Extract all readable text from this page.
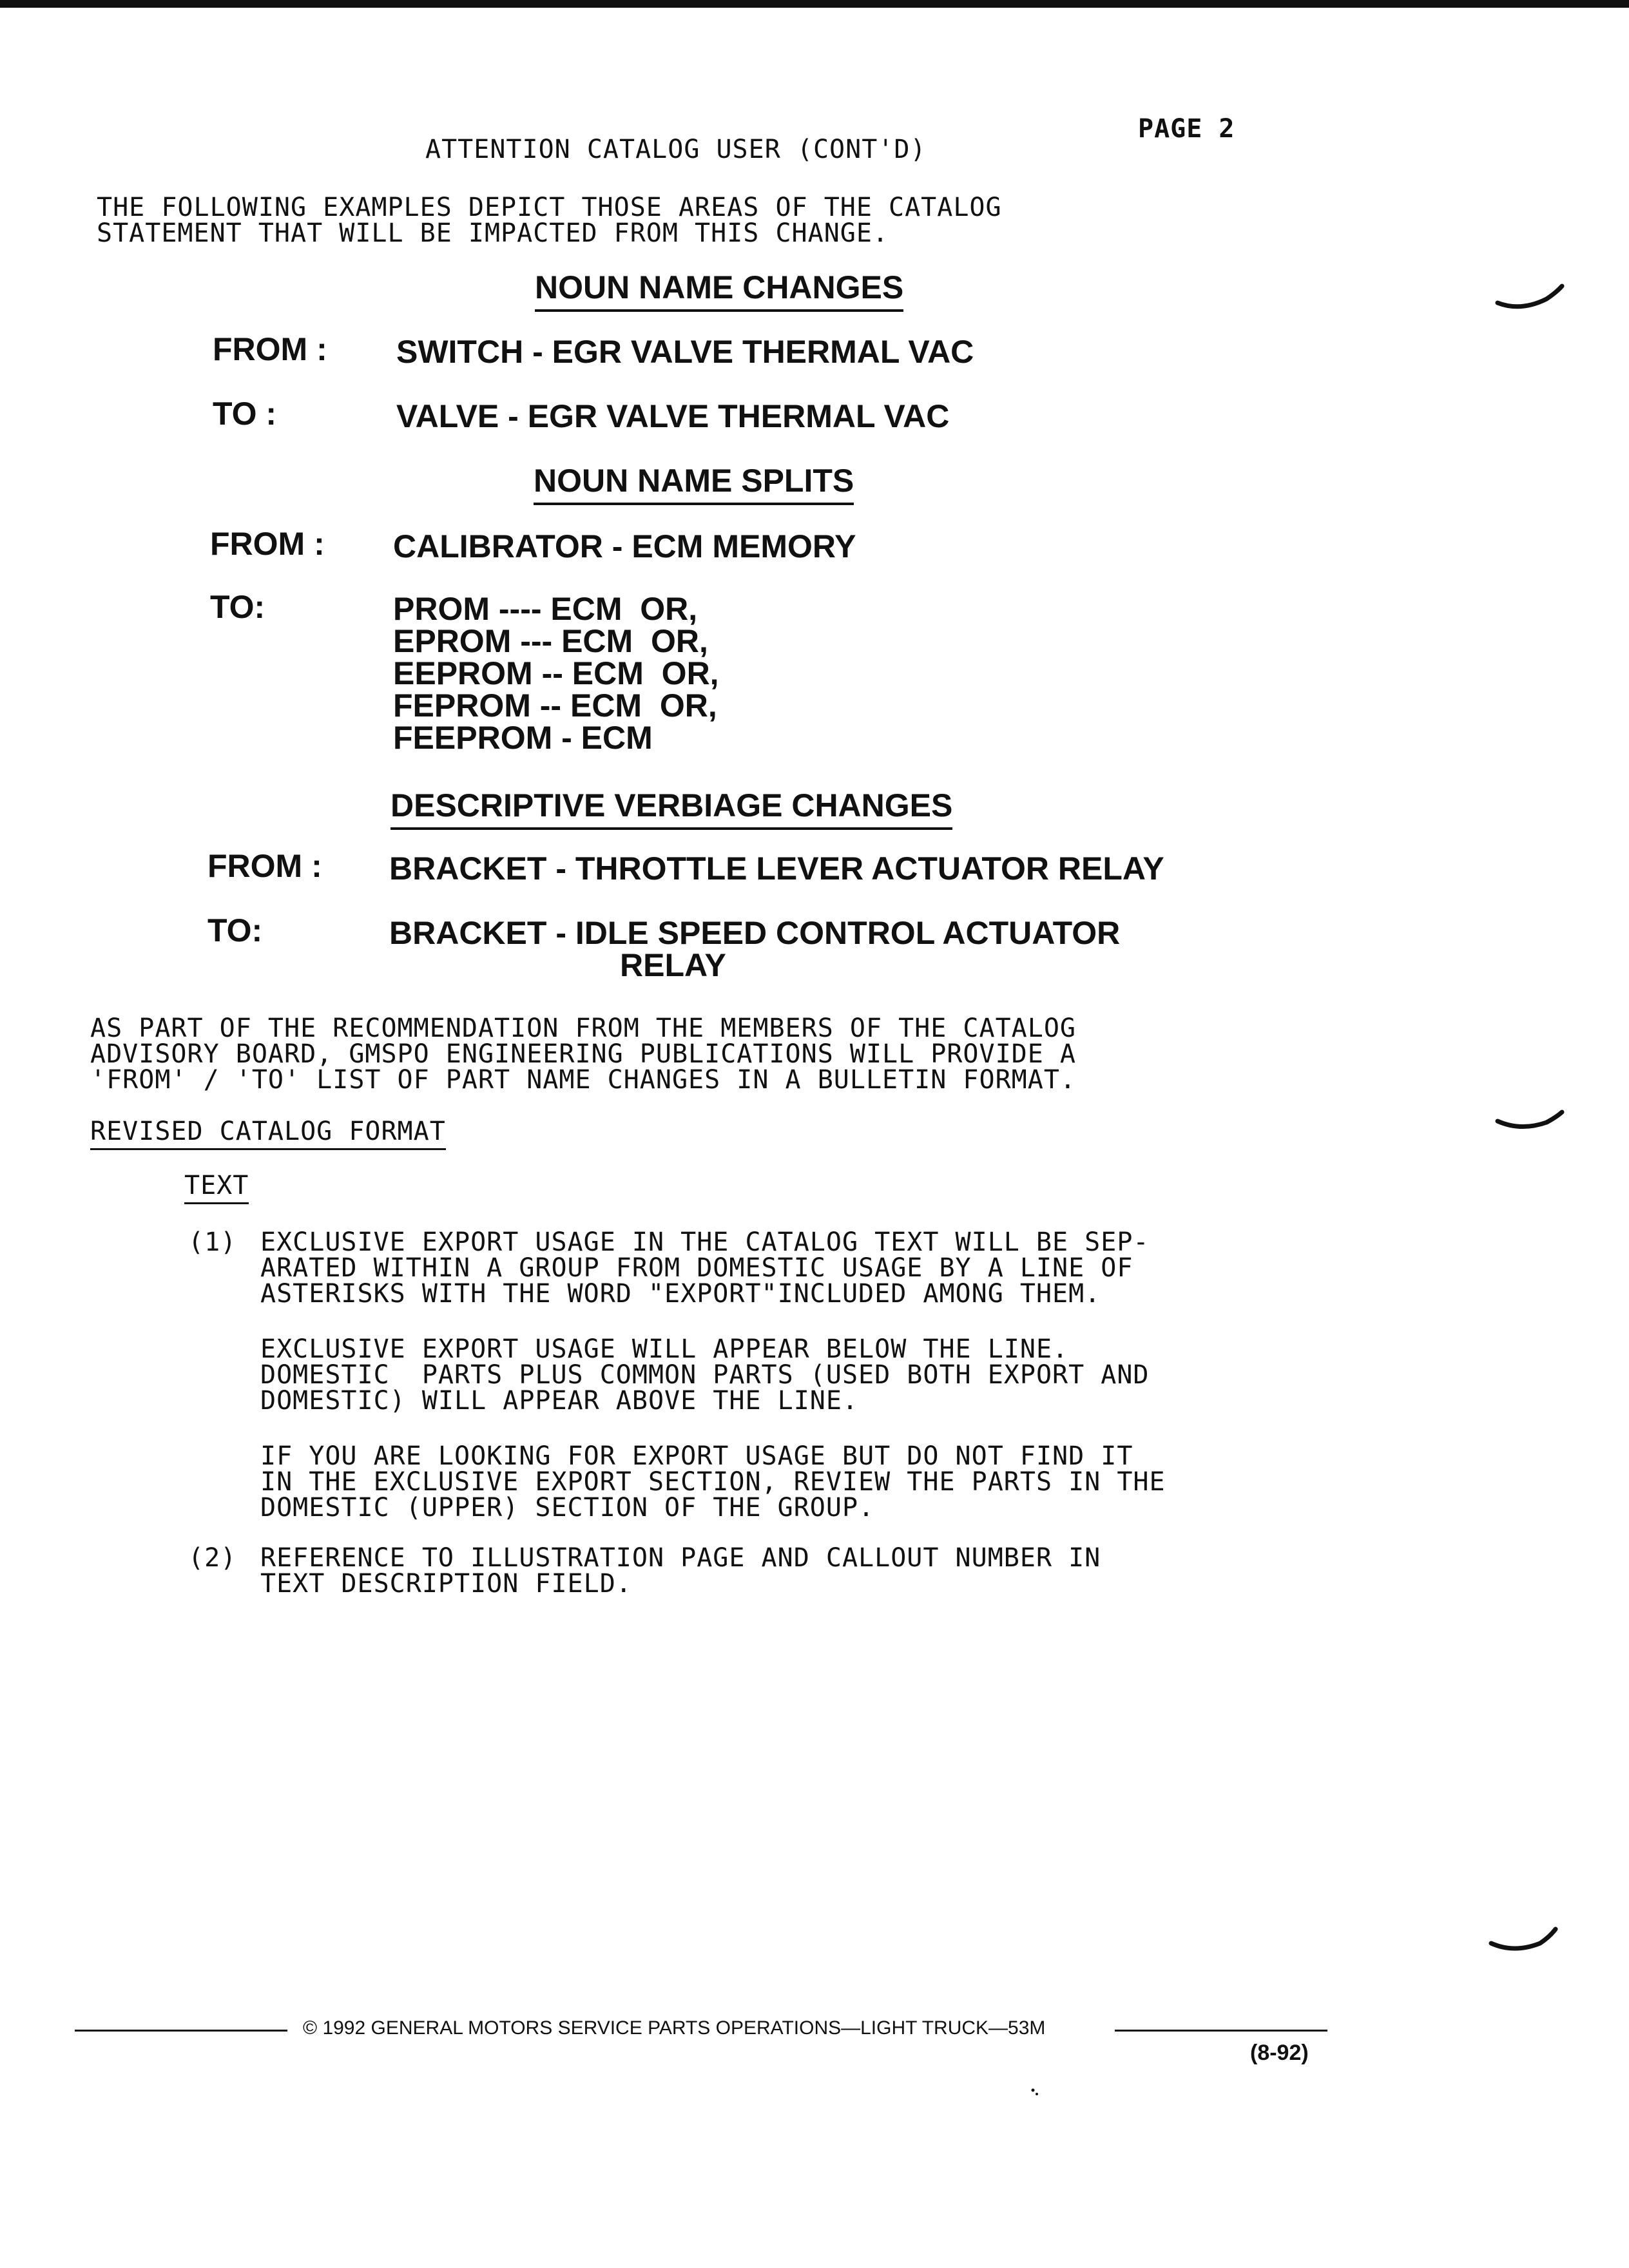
PAGE 2
ATTENTION CATALOG USER (CONT'D)
THE FOLLOWING EXAMPLES DEPICT THOSE AREAS OF THE CATALOG
STATEMENT THAT WILL BE IMPACTED FROM THIS CHANGE.
NOUN NAME CHANGES
FROM : SWITCH - EGR VALVE THERMAL VAC
TO :	VALVE - EGR VALVE THERMAL VAC
NOUN NAME SPLITS
FROM : CALIBRATOR - ECM MEMORY
TO:	PROM ---- ECM  OR,
EPROM --- ECM  OR,
EEPROM -- ECM  OR,
FEPROM -- ECM  OR,
FEEPROM - ECM
DESCRIPTIVE VERBIAGE CHANGES
FROM : BRACKET - THROTTLE LEVER ACTUATOR RELAY
TO:	BRACKET - IDLE SPEED CONTROL ACTUATOR
RELAY
AS PART OF THE RECOMMENDATION FROM THE MEMBERS OF THE CATALOG
ADVISORY BOARD, GMSPO ENGINEERING PUBLICATIONS WILL PROVIDE A
'FROM' / 'TO' LIST OF PART NAME CHANGES IN A BULLETIN FORMAT.
REVISED CATALOG FORMAT
TEXT
(1) EXCLUSIVE EXPORT USAGE IN THE CATALOG TEXT WILL BE SEP-
ARATED WITHIN A GROUP FROM DOMESTIC USAGE BY A LINE OF
ASTERISKS WITH THE WORD "EXPORT"INCLUDED AMONG THEM.
EXCLUSIVE EXPORT USAGE WILL APPEAR BELOW THE LINE.
DOMESTIC  PARTS PLUS COMMON PARTS (USED BOTH EXPORT AND
DOMESTIC) WILL APPEAR ABOVE THE LINE.
IF YOU ARE LOOKING FOR EXPORT USAGE BUT DO NOT FIND IT
IN THE EXCLUSIVE EXPORT SECTION, REVIEW THE PARTS IN THE
DOMESTIC (UPPER) SECTION OF THE GROUP.
(2) REFERENCE TO ILLUSTRATION PAGE AND CALLOUT NUMBER IN
TEXT DESCRIPTION FIELD.

© 1992 GENERAL MOTORS SERVICE PARTS OPERATIONS—LIGHT TRUCK—53M
(8-92)
